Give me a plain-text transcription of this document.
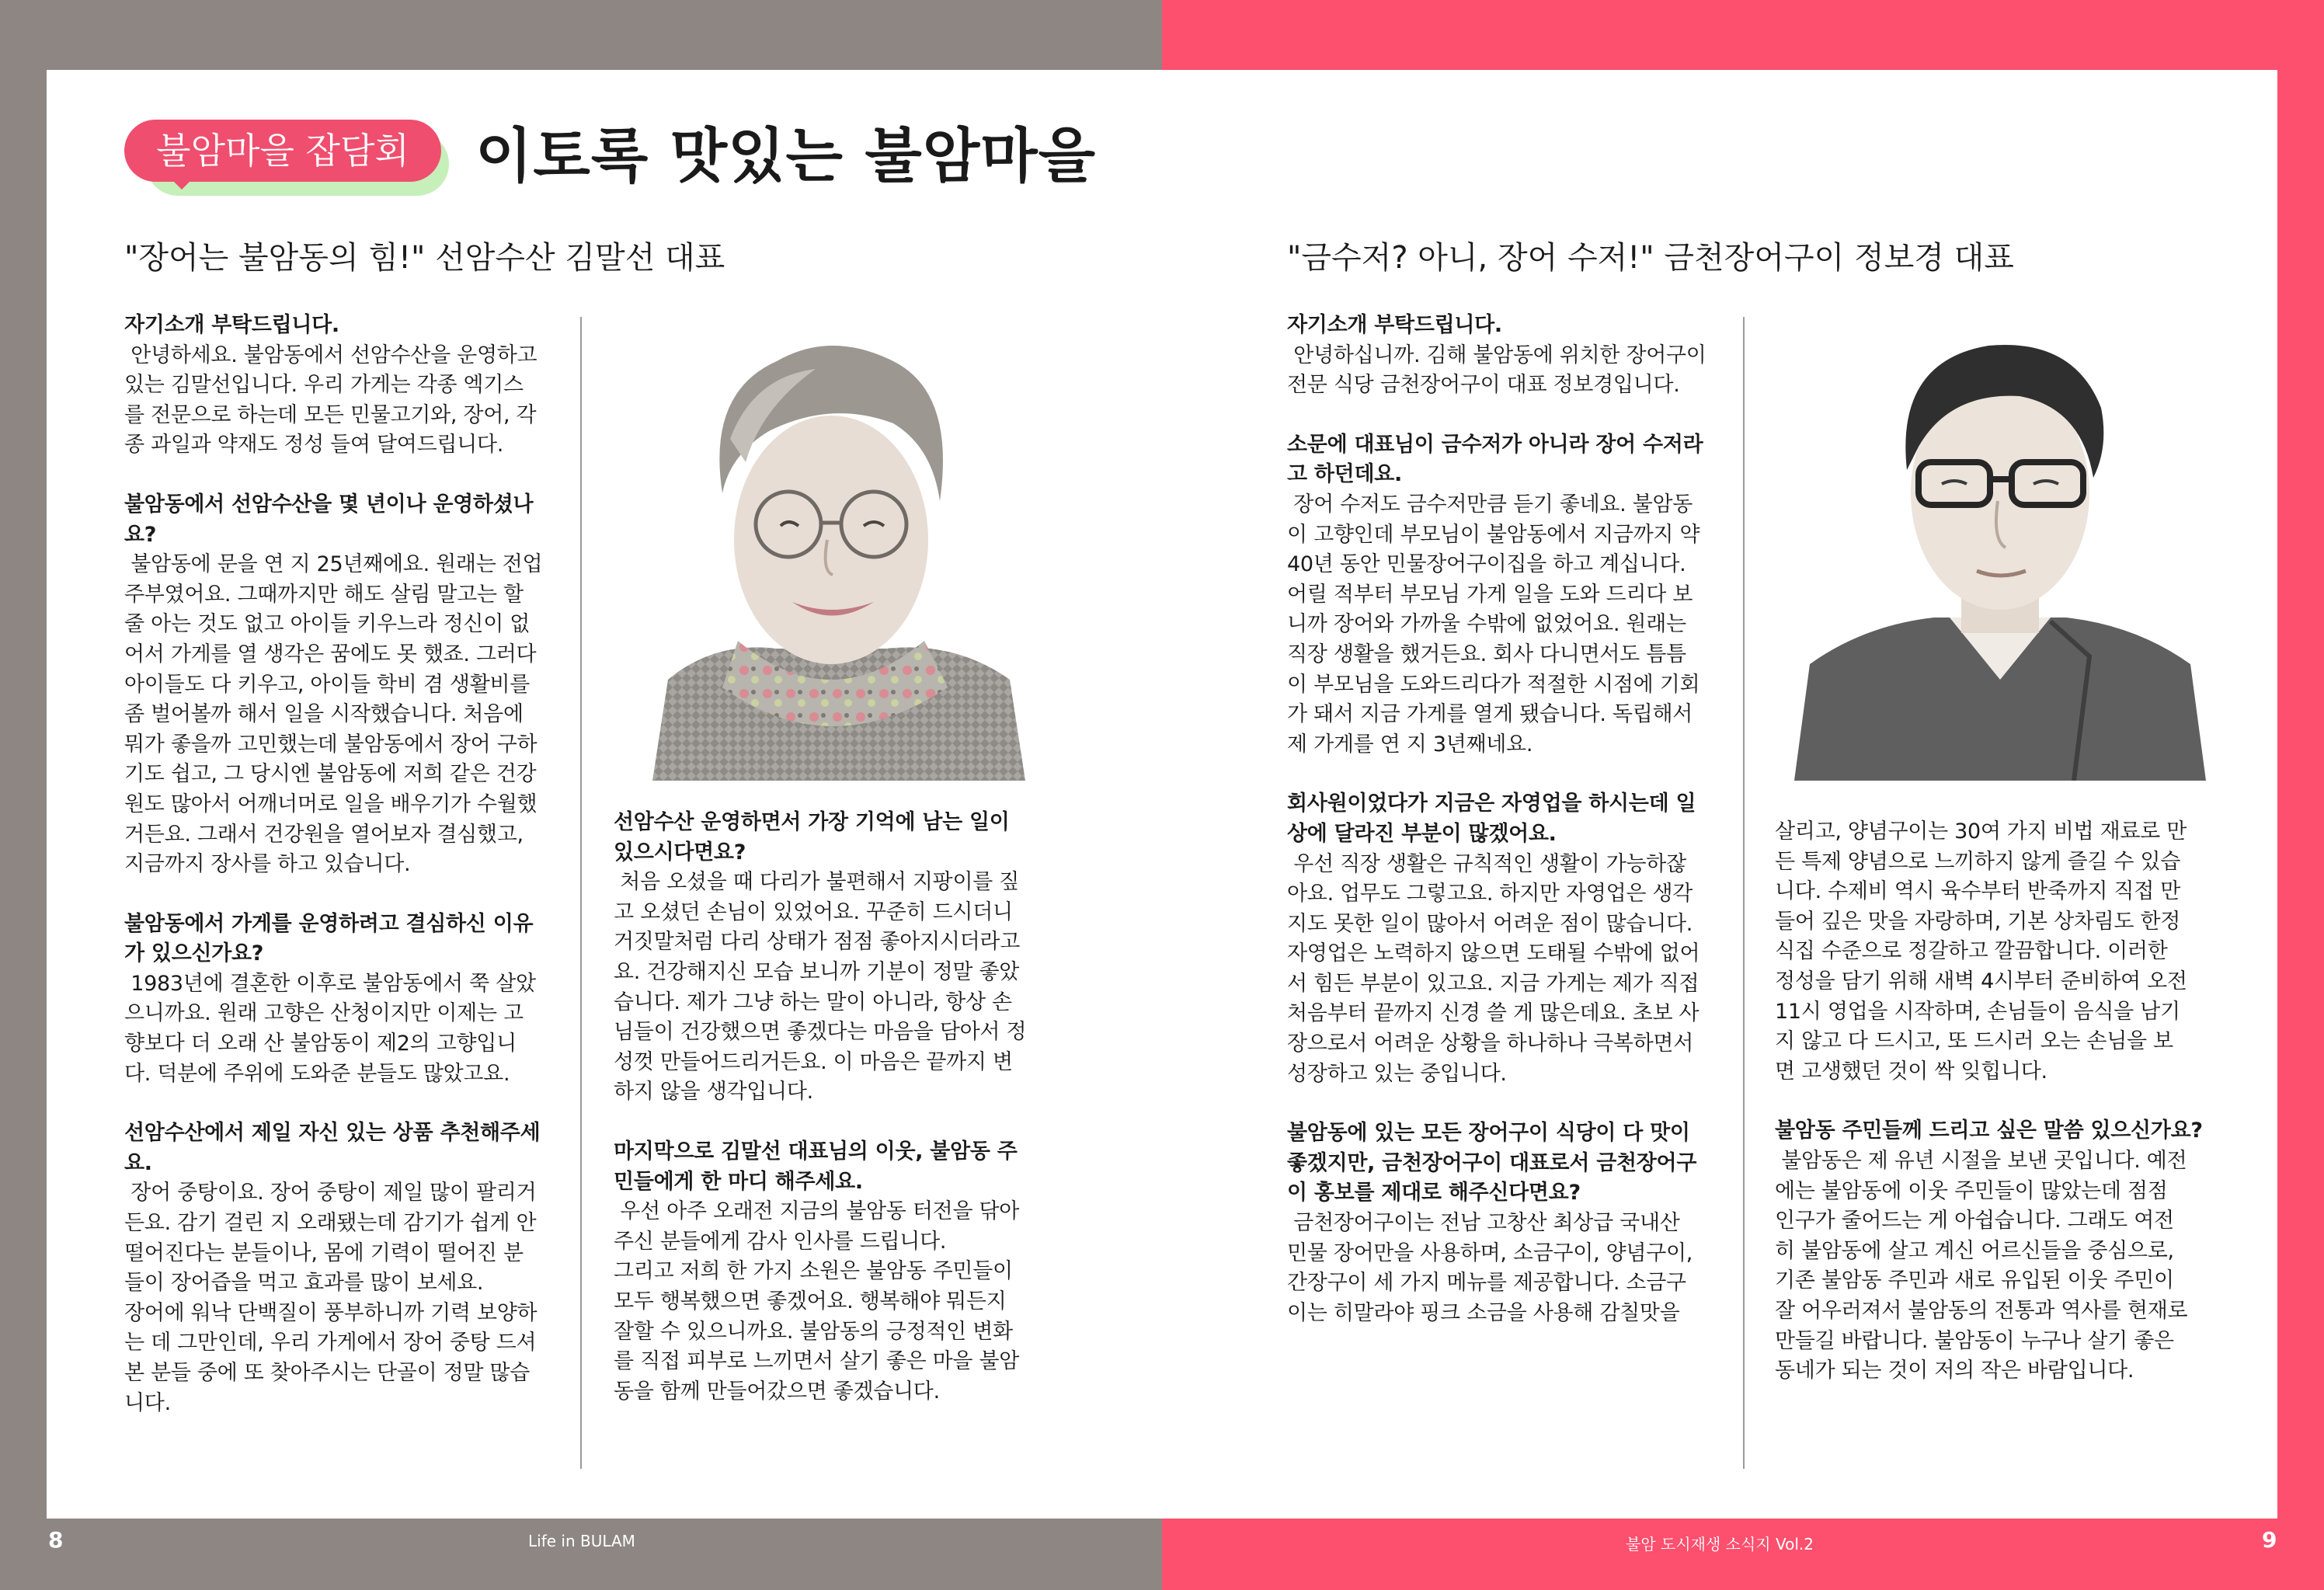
불암마을 잡담회	이토록 맛있는 불암마을
"장어는 불암동의 힘!" 선암수산 김말선 대표
자기소개 부탁드립니다.
안녕하세요. 불암동에서 선암수산을 운영하고
있는 김말선입니다. 우리 가게는 각종 엑기스
를 전문으로 하는데 모든 민물고기와, 장어, 각
종 과일과 약재도 정성 들여 달여드립니다.
불암동에서 선암수산을 몇 년이나 운영하셨나요?
불암동에 문을 연 지 25년째에요. 원래는 전업
주부였어요. 그때까지만 해도 살림 말고는 할
줄 아는 것도 없고 아이들 키우느라 정신이 없
어서 가게를 열 생각은 꿈에도 못 했죠. 그러다
아이들도 다 키우고, 아이들 학비 겸 생활비를
좀 벌어볼까 해서 일을 시작했습니다. 처음에
뭐가 좋을까 고민했는데 불암동에서 장어 구하
기도 쉽고, 그 당시엔 불암동에 저희 같은 건강
원도 많아서 어깨너머로 일을 배우기가 수월했
거든요. 그래서 건강원을 열어보자 결심했고,
지금까지 장사를 하고 있습니다.
불암동에서 가게를 운영하려고 결심하신 이유
가 있으신가요?
1983년에 결혼한 이후로 불암동에서 쭉 살았
으니까요. 원래 고향은 산청이지만 이제는 고
향보다 더 오래 산 불암동이 제2의 고향입니
다. 덕분에 주위에 도와준 분들도 많았고요.
선암수산에서 제일 자신 있는 상품 추천해주세요.
장어 중탕이요. 장어 중탕이 제일 많이 팔리거
든요. 감기 걸린 지 오래됐는데 감기가 쉽게 안
떨어진다는 분들이나, 몸에 기력이 떨어진 분
들이 장어즙을 먹고 효과를 많이 보세요.
장어에 워낙 단백질이 풍부하니까 기력 보양하
는 데 그만인데, 우리 가게에서 장어 중탕 드셔
본 분들 중에 또 찾아주시는 단골이 정말 많습
니다.
선암수산 운영하면서 가장 기억에 남는 일이
있으시다면요?
처음 오셨을 때 다리가 불편해서 지팡이를 짚
고 오셨던 손님이 있었어요. 꾸준히 드시더니
거짓말처럼 다리 상태가 점점 좋아지시더라고
요. 건강해지신 모습 보니까 기분이 정말 좋았
습니다. 제가 그냥 하는 말이 아니라, 항상 손
님들이 건강했으면 좋겠다는 마음을 담아서 정
성껏 만들어드리거든요. 이 마음은 끝까지 변
하지 않을 생각입니다.
마지막으로 김말선 대표님의 이웃, 불암동 주
민들에게 한 마디 해주세요.
우선 아주 오래전 지금의 불암동 터전을 닦아
주신 분들에게 감사 인사를 드립니다.
그리고 저희 한 가지 소원은 불암동 주민들이
모두 행복했으면 좋겠어요. 행복해야 뭐든지
잘할 수 있으니까요. 불암동의 긍정적인 변화
를 직접 피부로 느끼면서 살기 좋은 마을 불암
동을 함께 만들어갔으면 좋겠습니다.
"금수저? 아니, 장어 수저!" 금천장어구이 정보경 대표
자기소개 부탁드립니다.
안녕하십니까. 김해 불암동에 위치한 장어구이
전문 식당 금천장어구이 대표 정보경입니다.
소문에 대표님이 금수저가 아니라 장어 수저라
고 하던데요.
장어 수저도 금수저만큼 듣기 좋네요. 불암동
이 고향인데 부모님이 불암동에서 지금까지 약
40년 동안 민물장어구이집을 하고 계십니다.
어릴 적부터 부모님 가게 일을 도와 드리다 보
니까 장어와 가까울 수밖에 없었어요. 원래는
직장 생활을 했거든요. 회사 다니면서도 틈틈
이 부모님을 도와드리다가 적절한 시점에 기회
가 돼서 지금 가게를 열게 됐습니다. 독립해서
제 가게를 연 지 3년째네요.
회사원이었다가 지금은 자영업을 하시는데 일
상에 달라진 부분이 많겠어요.
우선 직장 생활은 규칙적인 생활이 가능하잖
아요. 업무도 그렇고요. 하지만 자영업은 생각
지도 못한 일이 많아서 어려운 점이 많습니다.
자영업은 노력하지 않으면 도태될 수밖에 없어
서 힘든 부분이 있고요. 지금 가게는 제가 직접
처음부터 끝까지 신경 쓸 게 많은데요. 초보 사
장으로서 어려운 상황을 하나하나 극복하면서
성장하고 있는 중입니다.
불암동에 있는 모든 장어구이 식당이 다 맛이
좋겠지만, 금천장어구이 대표로서 금천장어구
이 홍보를 제대로 해주신다면요?
금천장어구이는 전남 고창산 최상급 국내산
민물 장어만을 사용하며, 소금구이, 양념구이,
간장구이 세 가지 메뉴를 제공합니다. 소금구
이는 히말라야 핑크 소금을 사용해 감칠맛을
살리고, 양념구이는 30여 가지 비법 재료로 만
든 특제 양념으로 느끼하지 않게 즐길 수 있습
니다. 수제비 역시 육수부터 반죽까지 직접 만
들어 깊은 맛을 자랑하며, 기본 상차림도 한정
식집 수준으로 정갈하고 깔끔합니다. 이러한
정성을 담기 위해 새벽 4시부터 준비하여 오전
11시 영업을 시작하며, 손님들이 음식을 남기
지 않고 다 드시고, 또 드시러 오는 손님을 보
면 고생했던 것이 싹 잊힙니다.
불암동 주민들께 드리고 싶은 말씀 있으신가요?
불암동은 제 유년 시절을 보낸 곳입니다. 예전
에는 불암동에 이웃 주민들이 많았는데 점점
인구가 줄어드는 게 아쉽습니다. 그래도 여전
히 불암동에 살고 계신 어르신들을 중심으로,
기존 불암동 주민과 새로 유입된 이웃 주민이
잘 어우러져서 불암동의 전통과 역사를 현재로
만들길 바랍니다. 불암동이 누구나 살기 좋은
동네가 되는 것이 저의 작은 바람입니다.
8	Life in BULAM	불암 도시재생 소식지 Vol.2	9
